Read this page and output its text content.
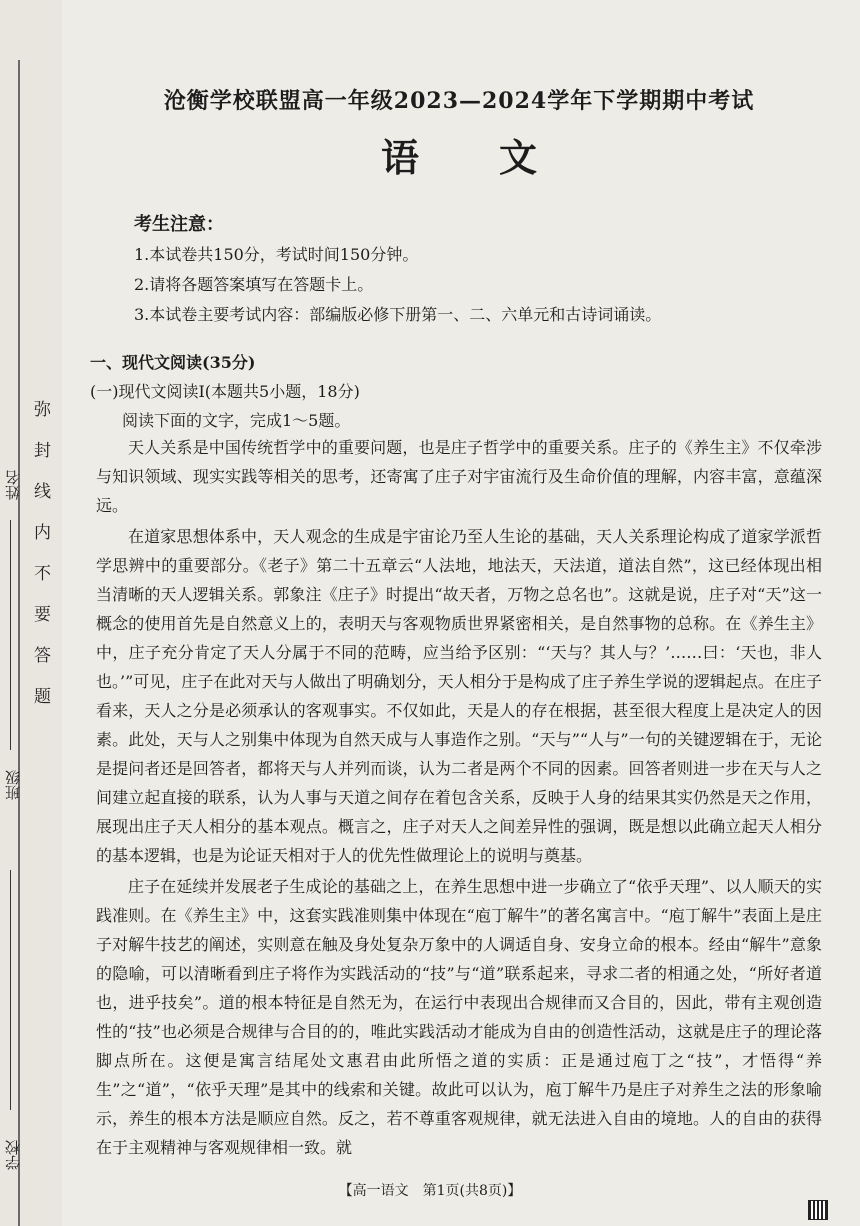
弥封线内不要答题
学校
班级
姓名
沧衡学校联盟高一年级2023—2024学年下学期期中考试
语文
考生注意：
1.本试卷共150分，考试时间150分钟。
2.请将各题答案填写在答题卡上。
3.本试卷主要考试内容：部编版必修下册第一、二、六单元和古诗词诵读。
一、现代文阅读(35分)
(一)现代文阅读Ⅰ(本题共5小题，18分)
阅读下面的文字，完成1～5题。

天人关系是中国传统哲学中的重要问题，也是庄子哲学中的重要关系。庄子的《养生主》不仅牵涉与知识领域、现实实践等相关的思考，还寄寓了庄子对宇宙流行及生命价值的理解，内容丰富，意蕴深远。

在道家思想体系中，天人观念的生成是宇宙论乃至人生论的基础，天人关系理论构成了道家学派哲学思辨中的重要部分。《老子》第二十五章云“人法地，地法天，天法道，道法自然”，这已经体现出相当清晰的天人逻辑关系。郭象注《庄子》时提出“故天者，万物之总名也”。这就是说，庄子对“天”这一概念的使用首先是自然意义上的，表明天与客观物质世界紧密相关，是自然事物的总称。在《养生主》中，庄子充分肯定了天人分属于不同的范畴，应当给予区别：“‘天与？其人与？’……曰：‘天也，非人也。’”可见，庄子在此对天与人做出了明确划分，天人相分于是构成了庄子养生学说的逻辑起点。在庄子看来，天人之分是必须承认的客观事实。不仅如此，天是人的存在根据，甚至很大程度上是决定人的因素。此处，天与人之别集中体现为自然天成与人事造作之别。“天与”“人与”一句的关键逻辑在于，无论是提问者还是回答者，都将天与人并列而谈，认为二者是两个不同的因素。回答者则进一步在天与人之间建立起直接的联系，认为人事与天道之间存在着包含关系，反映于人身的结果其实仍然是天之作用，展现出庄子天人相分的基本观点。概言之，庄子对天人之间差异性的强调，既是想以此确立起天人相分的基本逻辑，也是为论证天相对于人的优先性做理论上的说明与奠基。

庄子在延续并发展老子生成论的基础之上，在养生思想中进一步确立了“依乎天理”、以人顺天的实践准则。在《养生主》中，这套实践准则集中体现在“庖丁解牛”的著名寓言中。“庖丁解牛”表面上是庄子对解牛技艺的阐述，实则意在触及身处复杂万象中的人调适自身、安身立命的根本。经由“解牛”意象的隐喻，可以清晰看到庄子将作为实践活动的“技”与“道”联系起来，寻求二者的相通之处，“所好者道也，进乎技矣”。道的根本特征是自然无为，在运行中表现出合规律而又合目的，因此，带有主观创造性的“技”也必须是合规律与合目的的，唯此实践活动才能成为自由的创造性活动，这就是庄子的理论落脚点所在。这便是寓言结尾处文惠君由此所悟之道的实质：正是通过庖丁之“技”，才悟得“养生”之“道”，“依乎天理”是其中的线索和关键。故此可以认为，庖丁解牛乃是庄子对养生之法的形象喻示，养生的根本方法是顺应自然。反之，若不尊重客观规律，就无法进入自由的境地。人的自由的获得在于主观精神与客观规律相一致。就

【高一语文　第1页(共8页)】
